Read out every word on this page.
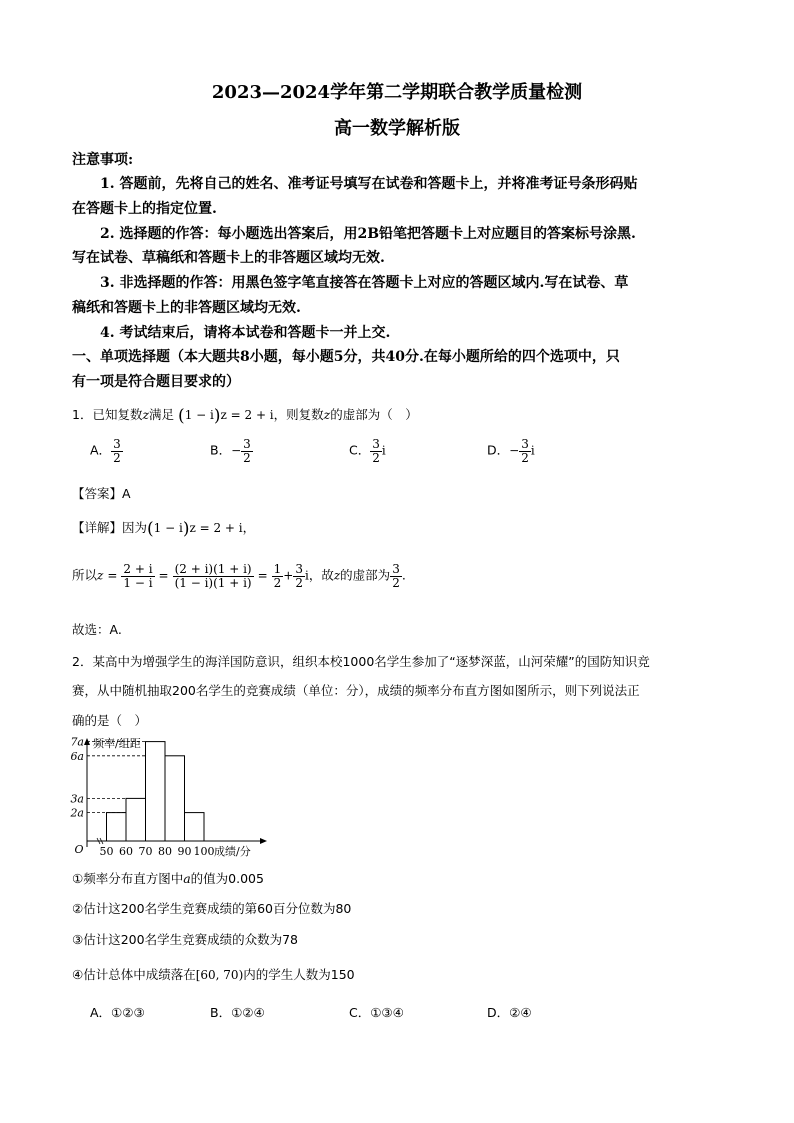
2023—2024学年第二学期联合教学质量检测
高一数学解析版
注意事项:
1. 答题前，先将自己的姓名、准考证号填写在试卷和答题卡上，并将准考证号条形码贴
在答题卡上的指定位置.
2. 选择题的作答：每小题选出答案后，用2B铅笔把答题卡上对应题目的答案标号涂黑.
写在试卷、草稿纸和答题卡上的非答题区域均无效.
3. 非选择题的作答：用黑色签字笔直接答在答题卡上对应的答题区域内.写在试卷、草
稿纸和答题卡上的非答题区域均无效.
4. 考试结束后，请将本试卷和答题卡一并上交.
一、单项选择题（本大题共8小题，每小题5分，共40分.在每小题所给的四个选项中，只
有一项是符合题目要求的）
1．已知复数z满足 (1 − i)z = 2 + i，则复数z的虚部为（　）
A． $\frac{3}{2}$	B．− $\frac{3}{2}$	C． $\frac{3}{2}$ i	D．− $\frac{3}{2}$ i
【答案】A
【详解】因为(1 − i)z = 2 + i，
所以$z = \frac{2 + i}{1 - i} = \frac{(2 + i)(1 + i)}{(1 - i)(1 + i)} = \frac{1}{2} + \frac{3}{2}$ i，故z的虚部为 $\frac{3}{2}$ .
故选：A.
2．某高中为增强学生的海洋国防意识，组织本校1000名学生参加了“逐梦深蓝，山河荣耀”的国防知识竞
赛，从中随机抽取200名学生的竞赛成绩（单位：分），成绩的频率分布直方图如图所示，则下列说法正
确的是（　）
2a
3a
6a
7a
50 60 70 80 90 100
O
频率/组距
成绩/分
①频率分布直方图中a的值为0.005
②估计这200名学生竞赛成绩的第60百分位数为80
③估计这200名学生竞赛成绩的众数为78
④估计总体中成绩落在[60, 70)内的学生人数为150
A．①②③	B．①②④	C．①③④	D．②④
